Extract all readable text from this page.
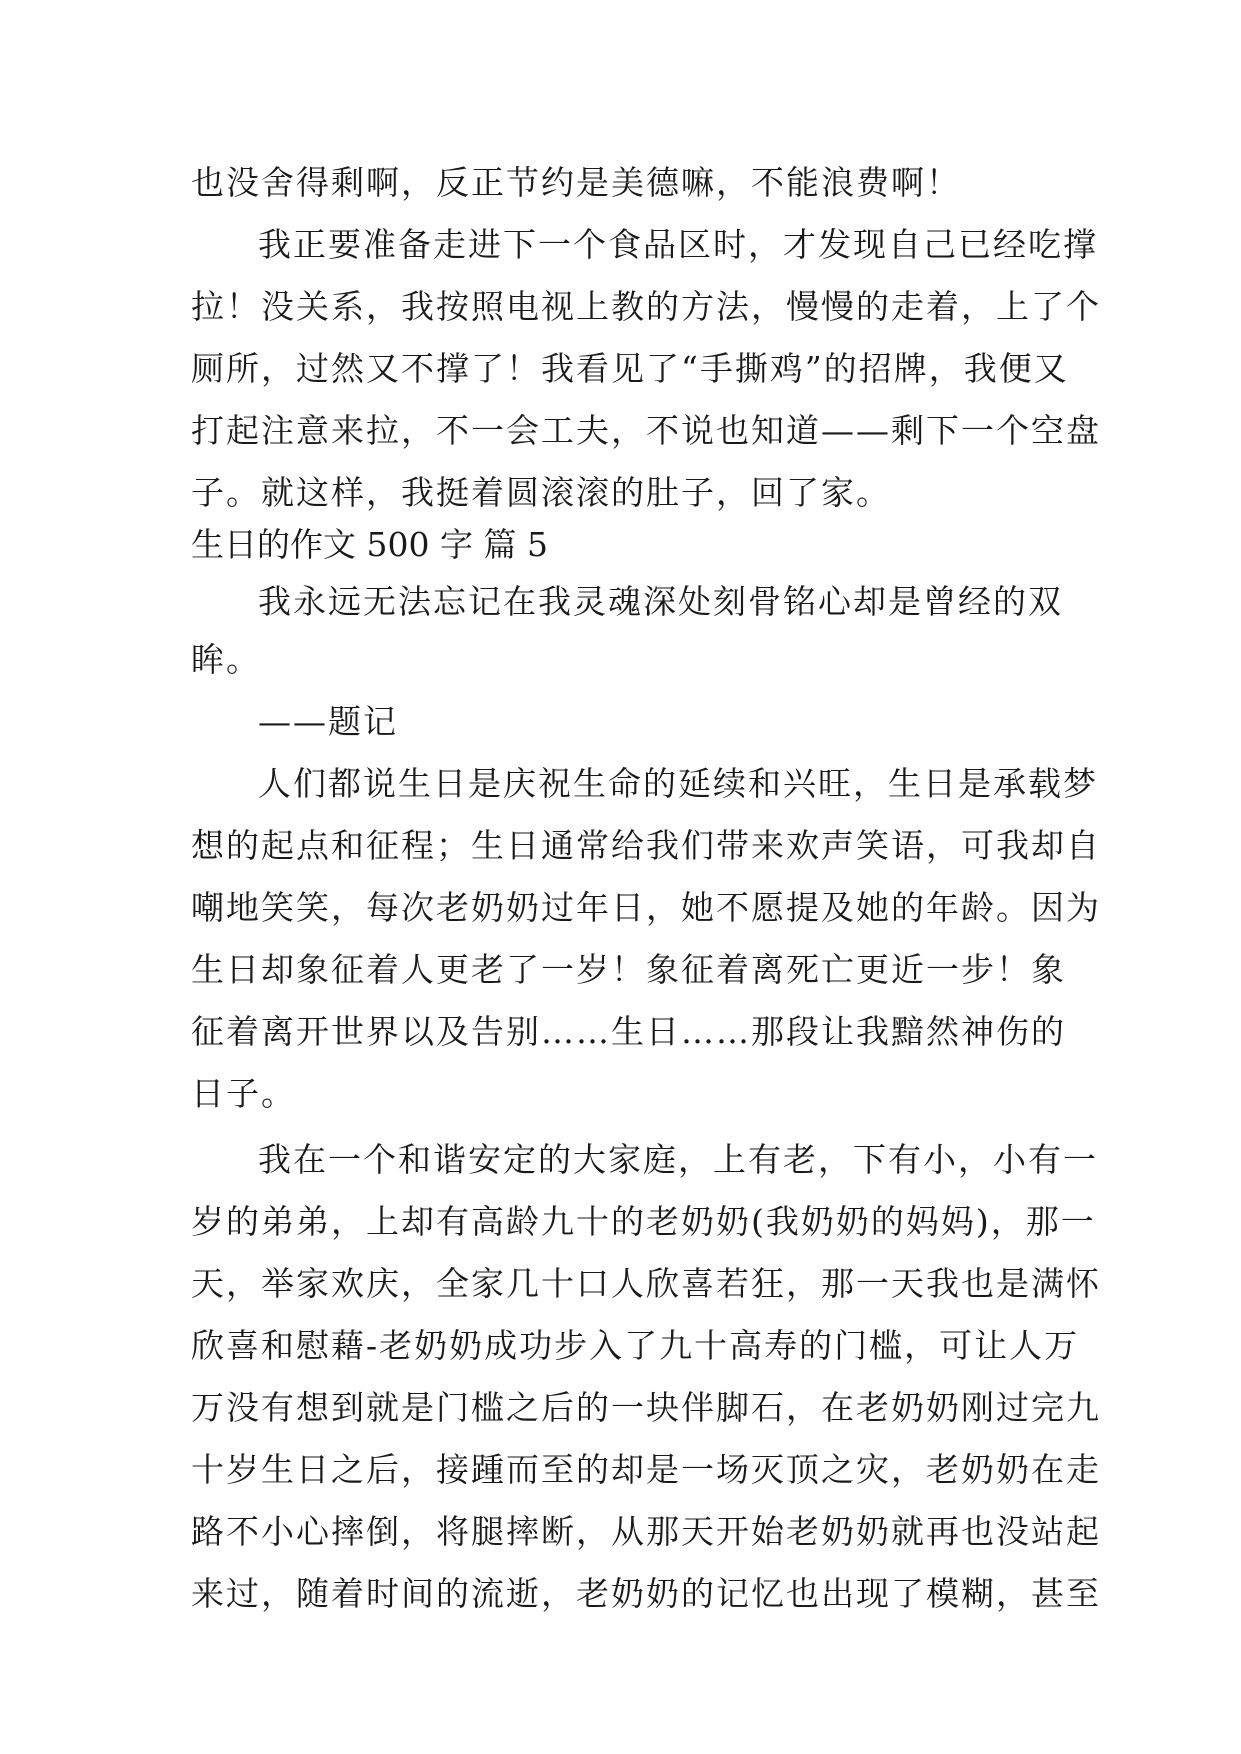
也没舍得剩啊，反正节约是美德嘛，不能浪费啊！
我正要准备走进下一个食品区时，才发现自己已经吃撑
拉！没关系，我按照电视上教的方法，慢慢的走着，上了个
厕所，过然又不撑了！我看见了“手撕鸡”的招牌，我便又
打起注意来拉，不一会工夫，不说也知道——剩下一个空盘
子。就这样，我挺着圆滚滚的肚子，回了家。
生日的作文 500 字 篇 5
我永远无法忘记在我灵魂深处刻骨铭心却是曾经的双
眸。
——题记
人们都说生日是庆祝生命的延续和兴旺，生日是承载梦
想的起点和征程；生日通常给我们带来欢声笑语，可我却自
嘲地笑笑，每次老奶奶过年日，她不愿提及她的年龄。因为
生日却象征着人更老了一岁！象征着离死亡更近一步！象
征着离开世界以及告别……生日……那段让我黯然神伤的
日子。
我在一个和谐安定的大家庭，上有老，下有小，小有一
岁的弟弟，上却有高龄九十的老奶奶(我奶奶的妈妈)，那一
天，举家欢庆，全家几十口人欣喜若狂，那一天我也是满怀
欣喜和慰藉-老奶奶成功步入了九十高寿的门槛，可让人万
万没有想到就是门槛之后的一块伴脚石，在老奶奶刚过完九
十岁生日之后，接踵而至的却是一场灭顶之灾，老奶奶在走
路不小心摔倒，将腿摔断，从那天开始老奶奶就再也没站起
来过，随着时间的流逝，老奶奶的记忆也出现了模糊，甚至
